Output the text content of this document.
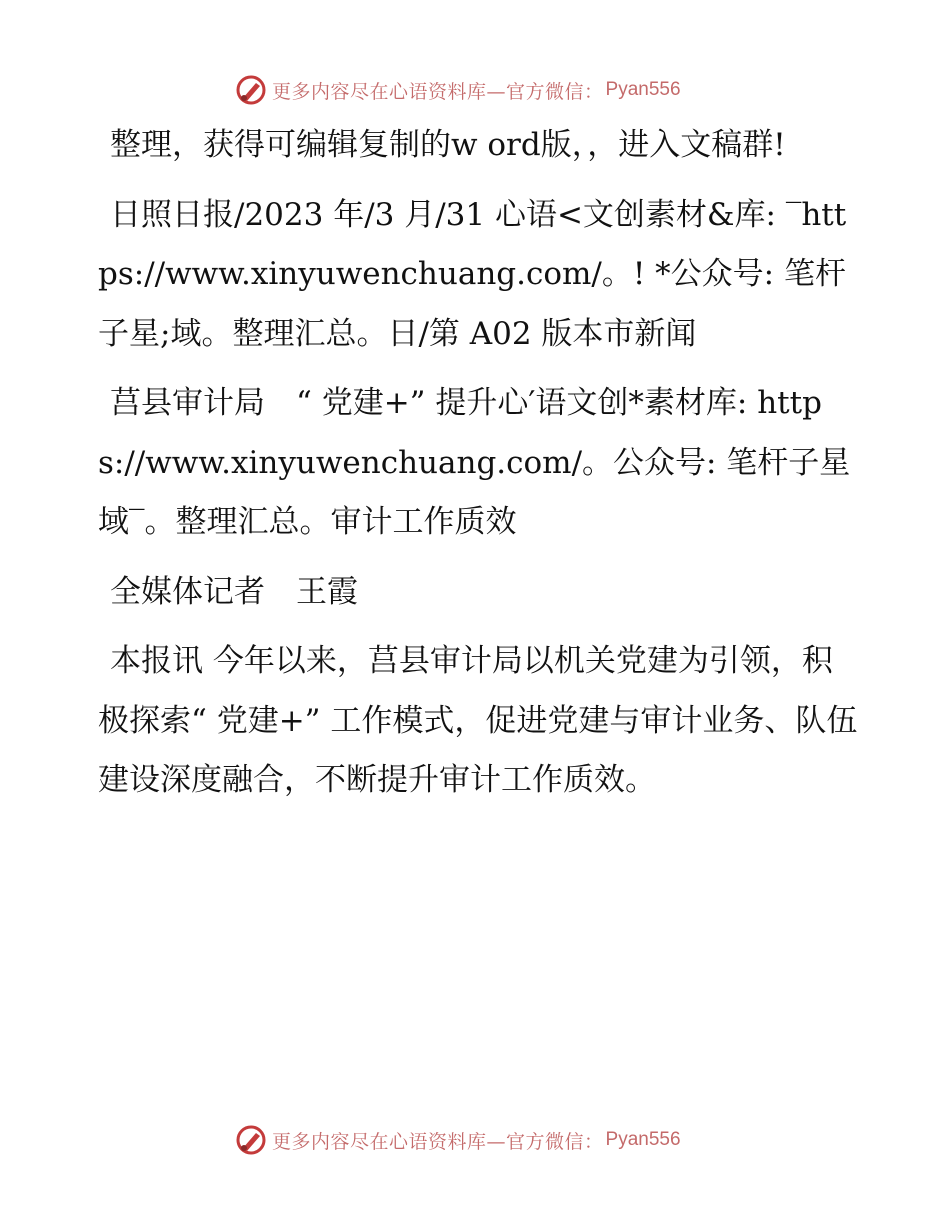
更多内容尽在心语资料库—官方微信： Pyan556

整理，获得可编辑复制的w ord版，，进入文稿群!

日照日报/2023 年/3 月/31 心语<文创素材&库: ‾https://www.xinyuwenchuang.com/。! *公众号: 笔杆子星;域。整理汇总。日/第 A02 版本市新闻

莒县审计局　“ 党建+” 提升心′语文创*素材库: https://www.xinyuwenchuang.com/。公众号: 笔杆子星域‾。整理汇总。审计工作质效

全媒体记者　王霞

本报讯 今年以来，莒县审计局以机关党建为引领，积极探索“ 党建+” 工作模式，促进党建与审计业务、队伍建设深度融合，不断提升审计工作质效。

更多内容尽在心语资料库—官方微信： Pyan556
